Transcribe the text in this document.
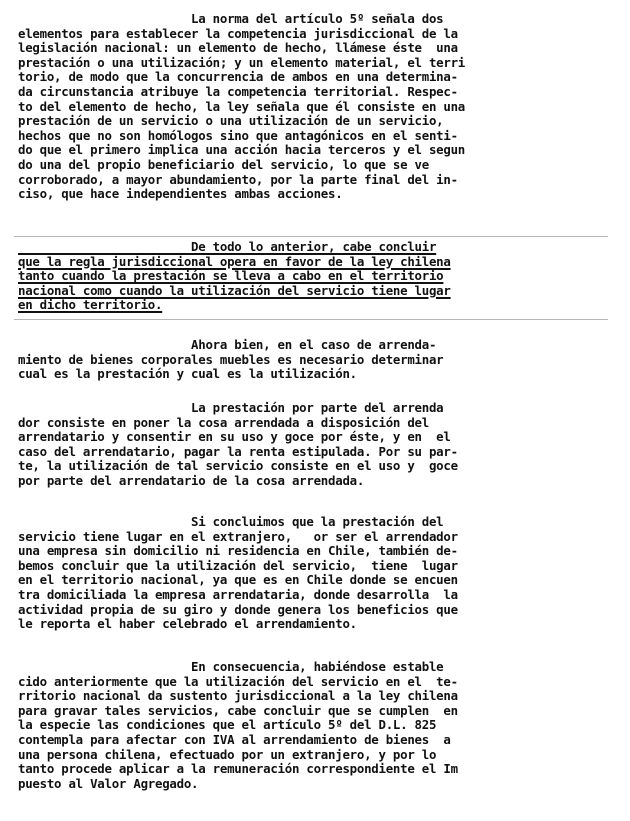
La norma del artículo 5º señala dos
elementos para establecer la competencia jurisdiccional de la
legislación nacional: un elemento de hecho, llámese éste  una
prestación o una utilización; y un elemento material, el terri
torio, de modo que la concurrencia de ambos en una determina-
da circunstancia atribuye la competencia territorial. Respec-
to del elemento de hecho, la ley señala que él consiste en una
prestación de un servicio o una utilización de un servicio,
hechos que no son homólogos sino que antagónicos en el senti-
do que el primero implica una acción hacia terceros y el segun
do una del propio beneficiario del servicio, lo que se ve
corroborado, a mayor abundamiento, por la parte final del in-
ciso, que hace independientes ambas acciones.

De todo lo anterior, cabe concluir
que la regla jurisdiccional opera en favor de la ley chilena
tanto cuando la prestación se lleva a cabo en el territorio
nacional como cuando la utilización del servicio tiene lugar
en dicho territorio.

Ahora bien, en el caso de arrenda-
miento de bienes corporales muebles es necesario determinar
cual es la prestación y cual es la utilización.

La prestación por parte del arrenda
dor consiste en poner la cosa arrendada a disposición del
arrendatario y consentir en su uso y goce por éste, y en  el
caso del arrendatario, pagar la renta estipulada. Por su par-
te, la utilización de tal servicio consiste en el uso y  goce
por parte del arrendatario de la cosa arrendada.

Si concluimos que la prestación del
servicio tiene lugar en el extranjero,   or ser el arrendador
una empresa sin domicilio ni residencia en Chile, también de-
bemos concluir que la utilización del servicio,  tiene  lugar
en el territorio nacional, ya que es en Chile donde se encuen
tra domiciliada la empresa arrendataria, donde desarrolla  la
actividad propia de su giro y donde genera los beneficios que
le reporta el haber celebrado el arrendamiento.

En consecuencia, habiéndose estable
cido anteriormente que la utilización del servicio en el  te-
rritorio nacional da sustento jurisdiccional a la ley chilena
para gravar tales servicios, cabe concluir que se cumplen  en
la especie las condiciones que el artículo 5º del D.L. 825
contempla para afectar con IVA al arrendamiento de bienes  a
una persona chilena, efectuado por un extranjero, y por lo
tanto procede aplicar a la remuneración correspondiente el Im
puesto al Valor Agregado.
